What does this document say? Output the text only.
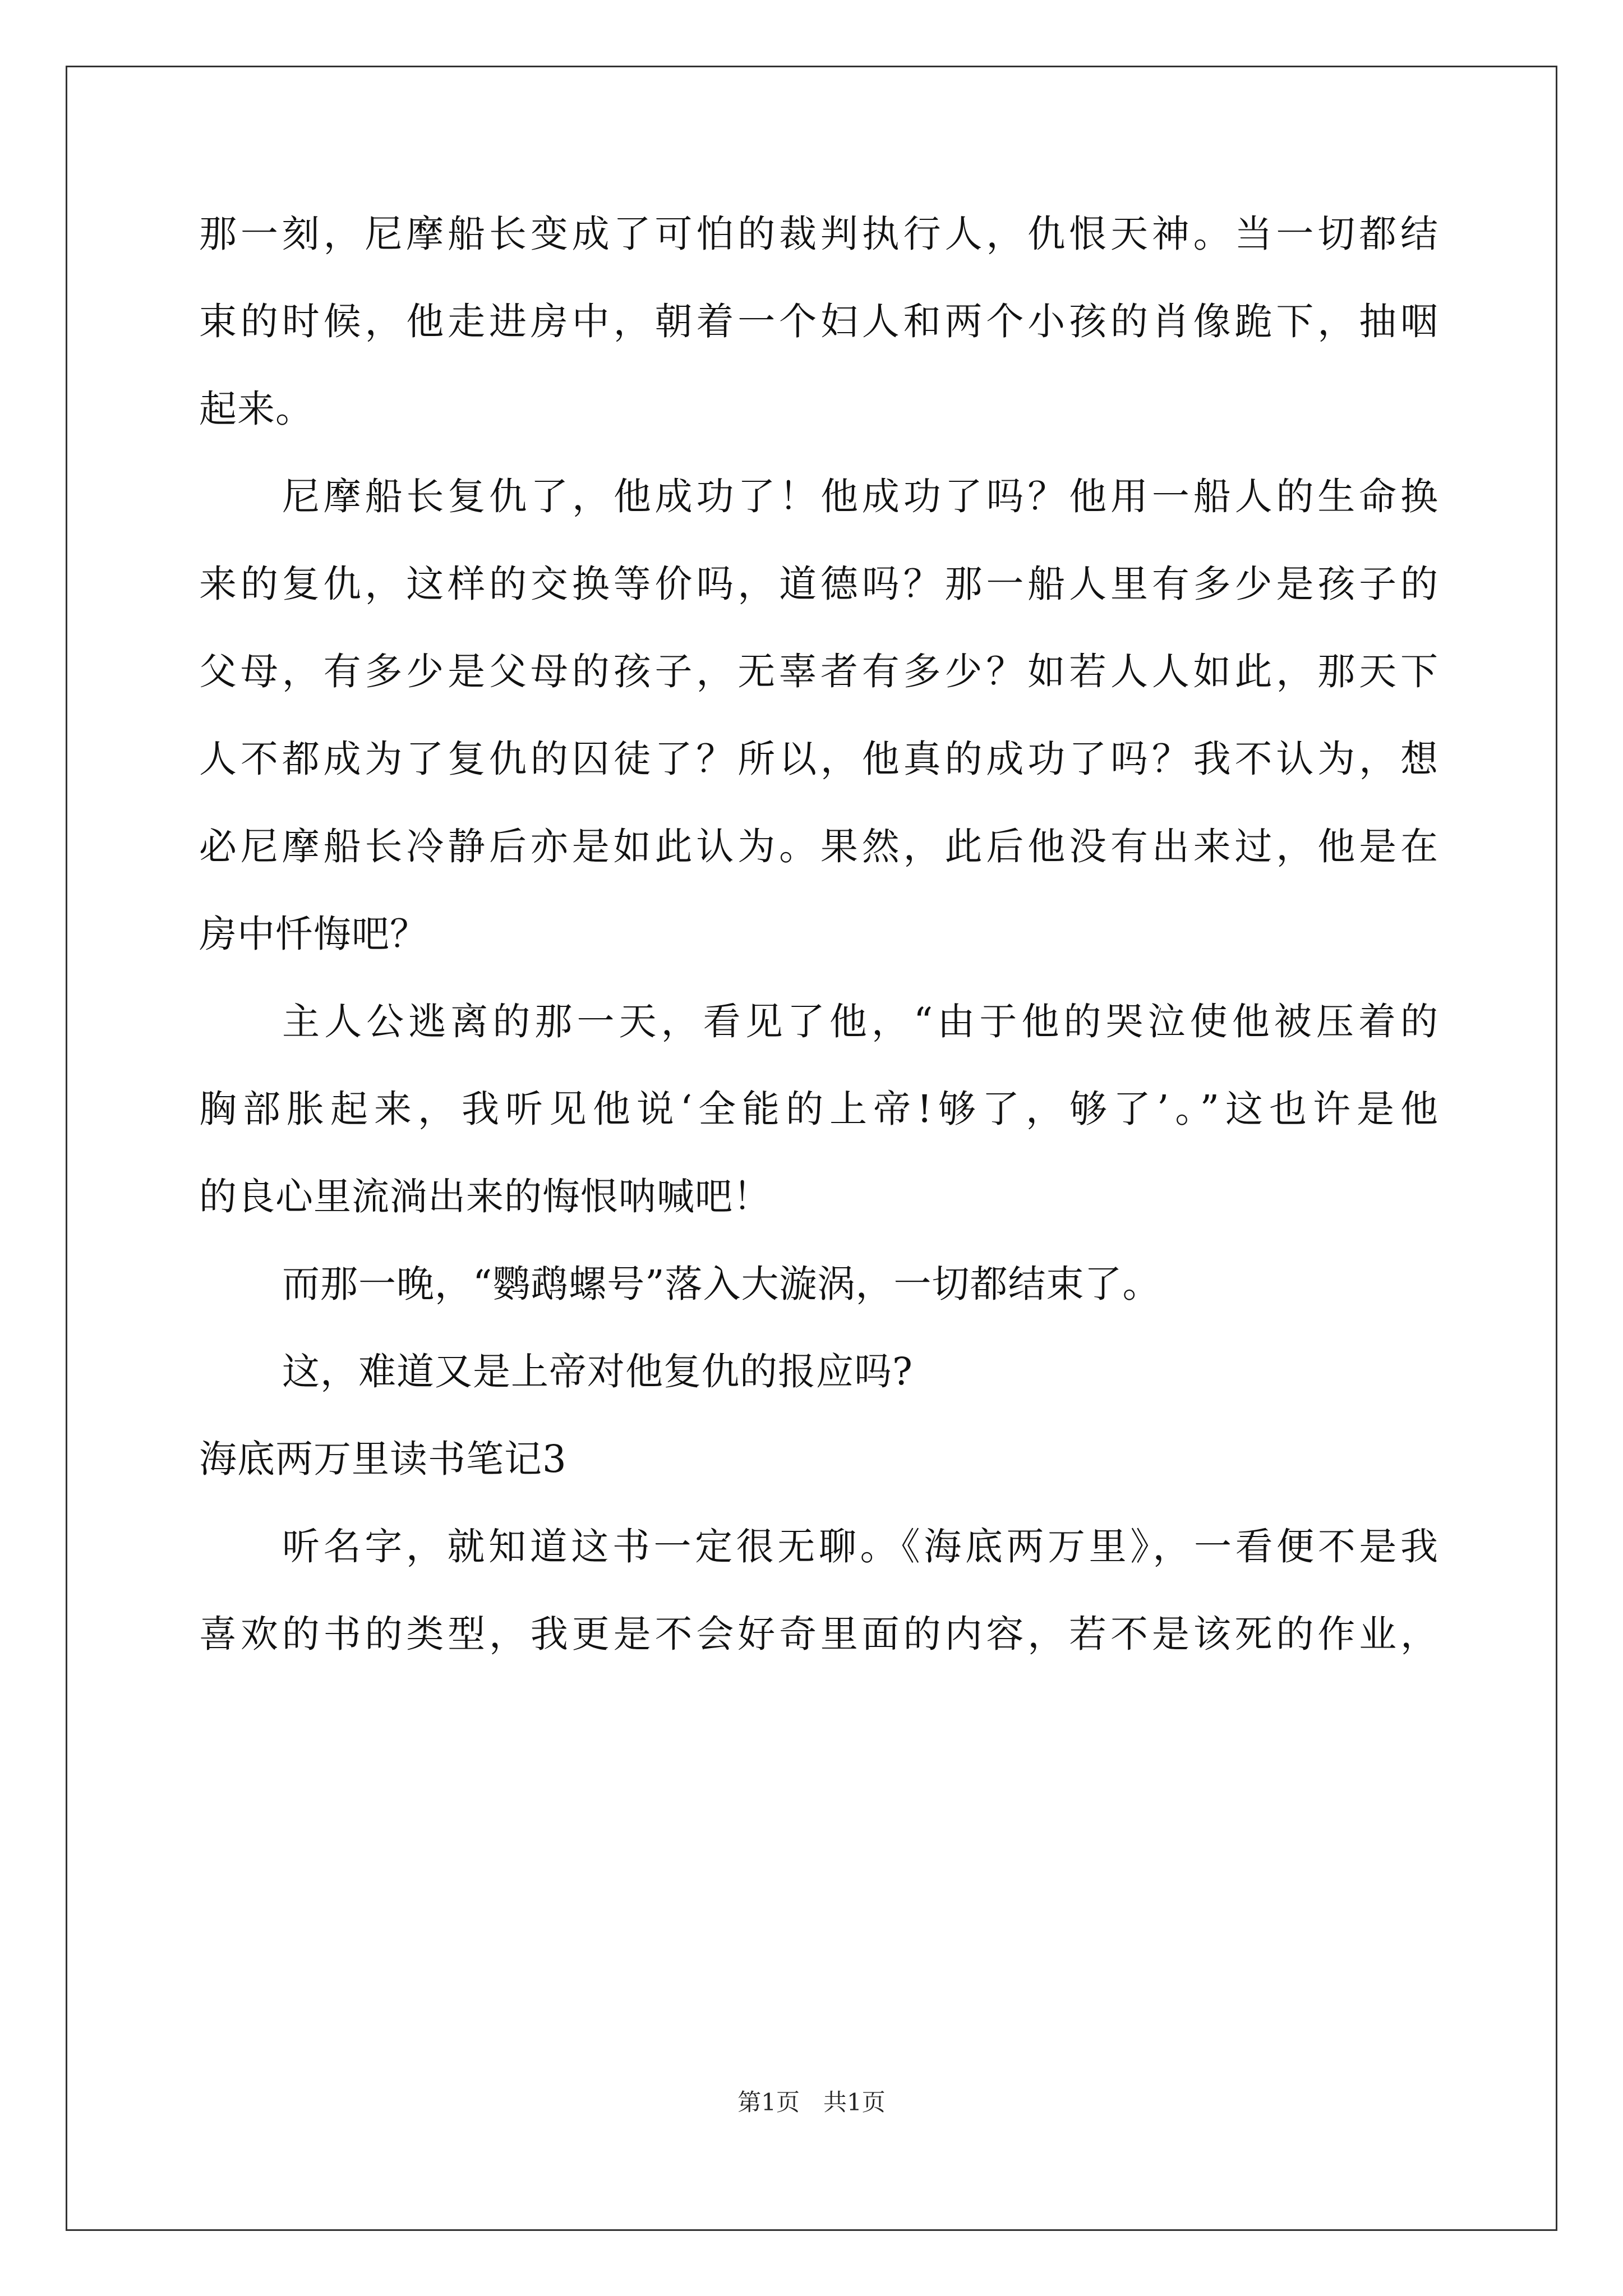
那一刻，尼摩船长变成了可怕的裁判执行人，仇恨天神。当一切都结
束的时候，他走进房中，朝着一个妇人和两个小孩的肖像跪下，抽咽
起来。
尼摩船长复仇了，他成功了！他成功了吗？他用一船人的生命换
来的复仇，这样的交换等价吗，道德吗？那一船人里有多少是孩子的
父母，有多少是父母的孩子，无辜者有多少？如若人人如此，那天下
人不都成为了复仇的囚徒了？所以，他真的成功了吗？我不认为，想
必尼摩船长冷静后亦是如此认为。果然，此后他没有出来过，他是在
房中忏悔吧？
主人公逃离的那一天，看见了他，“由于他的哭泣使他被压着的
胸部胀起来，我听见他说‘全能的上帝!够了，够了’。”这也许是他
的良心里流淌出来的悔恨呐喊吧！
而那一晚，“鹦鹉螺号”落入大漩涡，一切都结束了。
这，难道又是上帝对他复仇的报应吗?
海底两万里读书笔记3
听名字，就知道这书一定很无聊。《海底两万里》，一看便不是我
喜欢的书的类型，我更是不会好奇里面的内容，若不是该死的作业，
第1页　共1页
